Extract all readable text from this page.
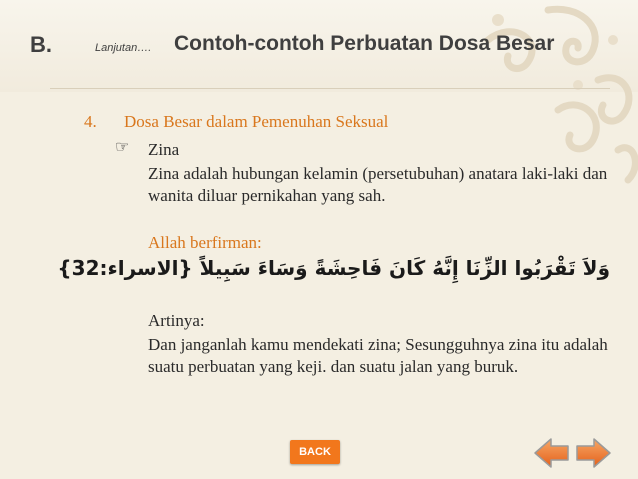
B.	Lanjutan…. Contoh-contoh Perbuatan Dosa Besar
4. Dosa Besar dalam Pemenuhan Seksual
☞ Zina

Zina adalah hubungan kelamin (persetubuhan) anatara laki-laki dan wanita diluar pernikahan yang sah.

Allah berfirman:
وَلاَ تَقْرَبُوا الزِّنَا إِنَّهُ كَانَ فَاحِشَةً وَسَاءَ سَبِيلاً {الاسراء:32}
Artinya:

Dan janganlah kamu mendekati zina; Sesungguhnya zina itu adalah suatu perbuatan yang keji. dan suatu jalan yang buruk.

BACK
